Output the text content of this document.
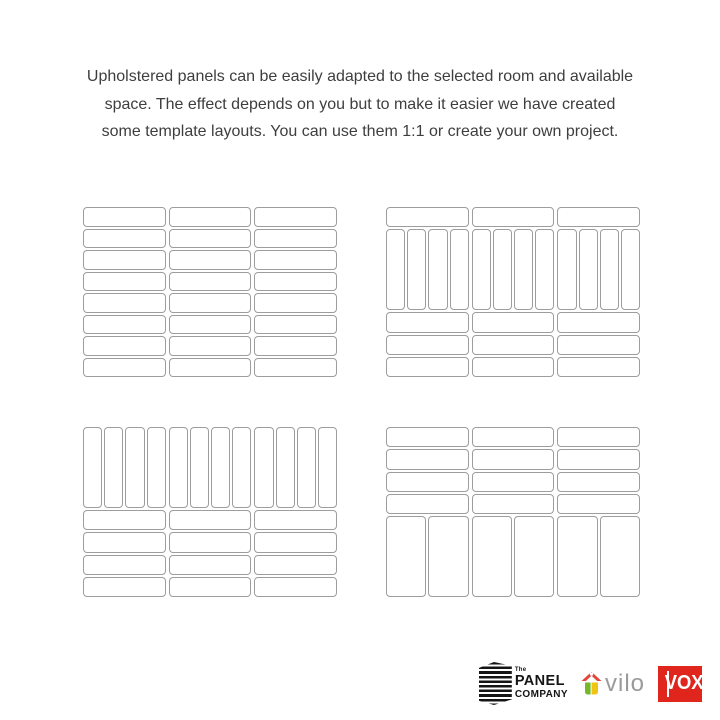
Upholstered panels can be easily adapted to the selected room and available
space. The effect depends on you but to make it easier we have created
some template layouts. You can use them 1:1 or create your own project.
The
PANEL
COMPANY vilo VOX
